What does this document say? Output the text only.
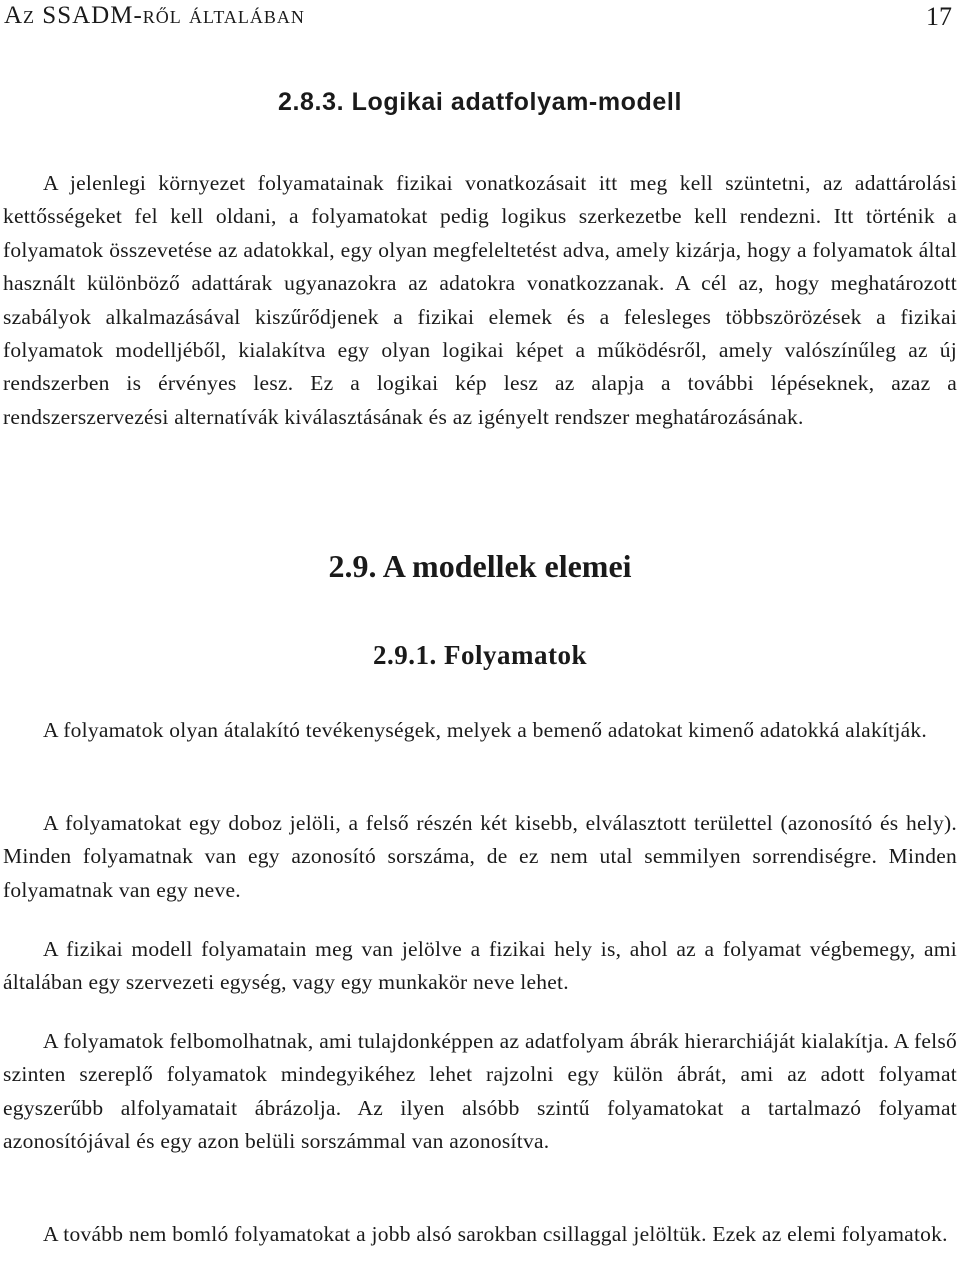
Az SSADM-ről általában	17
2.8.3. Logikai adatfolyam-modell

A jelenlegi környezet folyamatainak fizikai vonatkozásait itt meg kell szüntetni, az adattárolási kettősségeket fel kell oldani, a folyamatokat pedig logikus szerkezetbe kell rendezni. Itt történik a folyamatok összevetése az adatokkal, egy olyan megfeleltetést adva, amely kizárja, hogy a folyamatok által használt különböző adattárak ugyanazokra az adatokra vonatkozzanak. A cél az, hogy meghatározott szabályok alkalmazásával kiszűrődjenek a fizikai elemek és a felesleges többszörözések a fizikai folyamatok modelljéből, kialakítva egy olyan logikai képet a működésről, amely valószínűleg az új rendszerben is érvényes lesz. Ez a logikai kép lesz az alapja a további lépéseknek, azaz a rendszerszervezési alternatívák kiválasztásának és az igényelt rendszer meghatározásának.

2.9. A modellek elemei
2.9.1. Folyamatok

A folyamatok olyan átalakító tevékenységek, melyek a bemenő adatokat kimenő adatokká alakítják.

A folyamatokat egy doboz jelöli, a felső részén két kisebb, elválasztott területtel (azonosító és hely). Minden folyamatnak van egy azonosító sorszáma, de ez nem utal semmilyen sorrendiségre. Minden folyamatnak van egy neve.

A fizikai modell folyamatain meg van jelölve a fizikai hely is, ahol az a folyamat végbemegy, ami általában egy szervezeti egység, vagy egy munkakör neve lehet.

A folyamatok felbomolhatnak, ami tulajdonképpen az adatfolyam ábrák hierarchiáját kialakítja. A felső szinten szereplő folyamatok mindegyikéhez lehet rajzolni egy külön ábrát, ami az adott folyamat egyszerűbb alfolyamatait ábrázolja. Az ilyen alsóbb szintű folyamatokat a tartalmazó folyamat azonosítójával és egy azon belüli sorszámmal van azonosítva.

A tovább nem bomló folyamatokat a jobb alsó sarokban csillaggal jelöltük. Ezek az elemi folyamatok.
